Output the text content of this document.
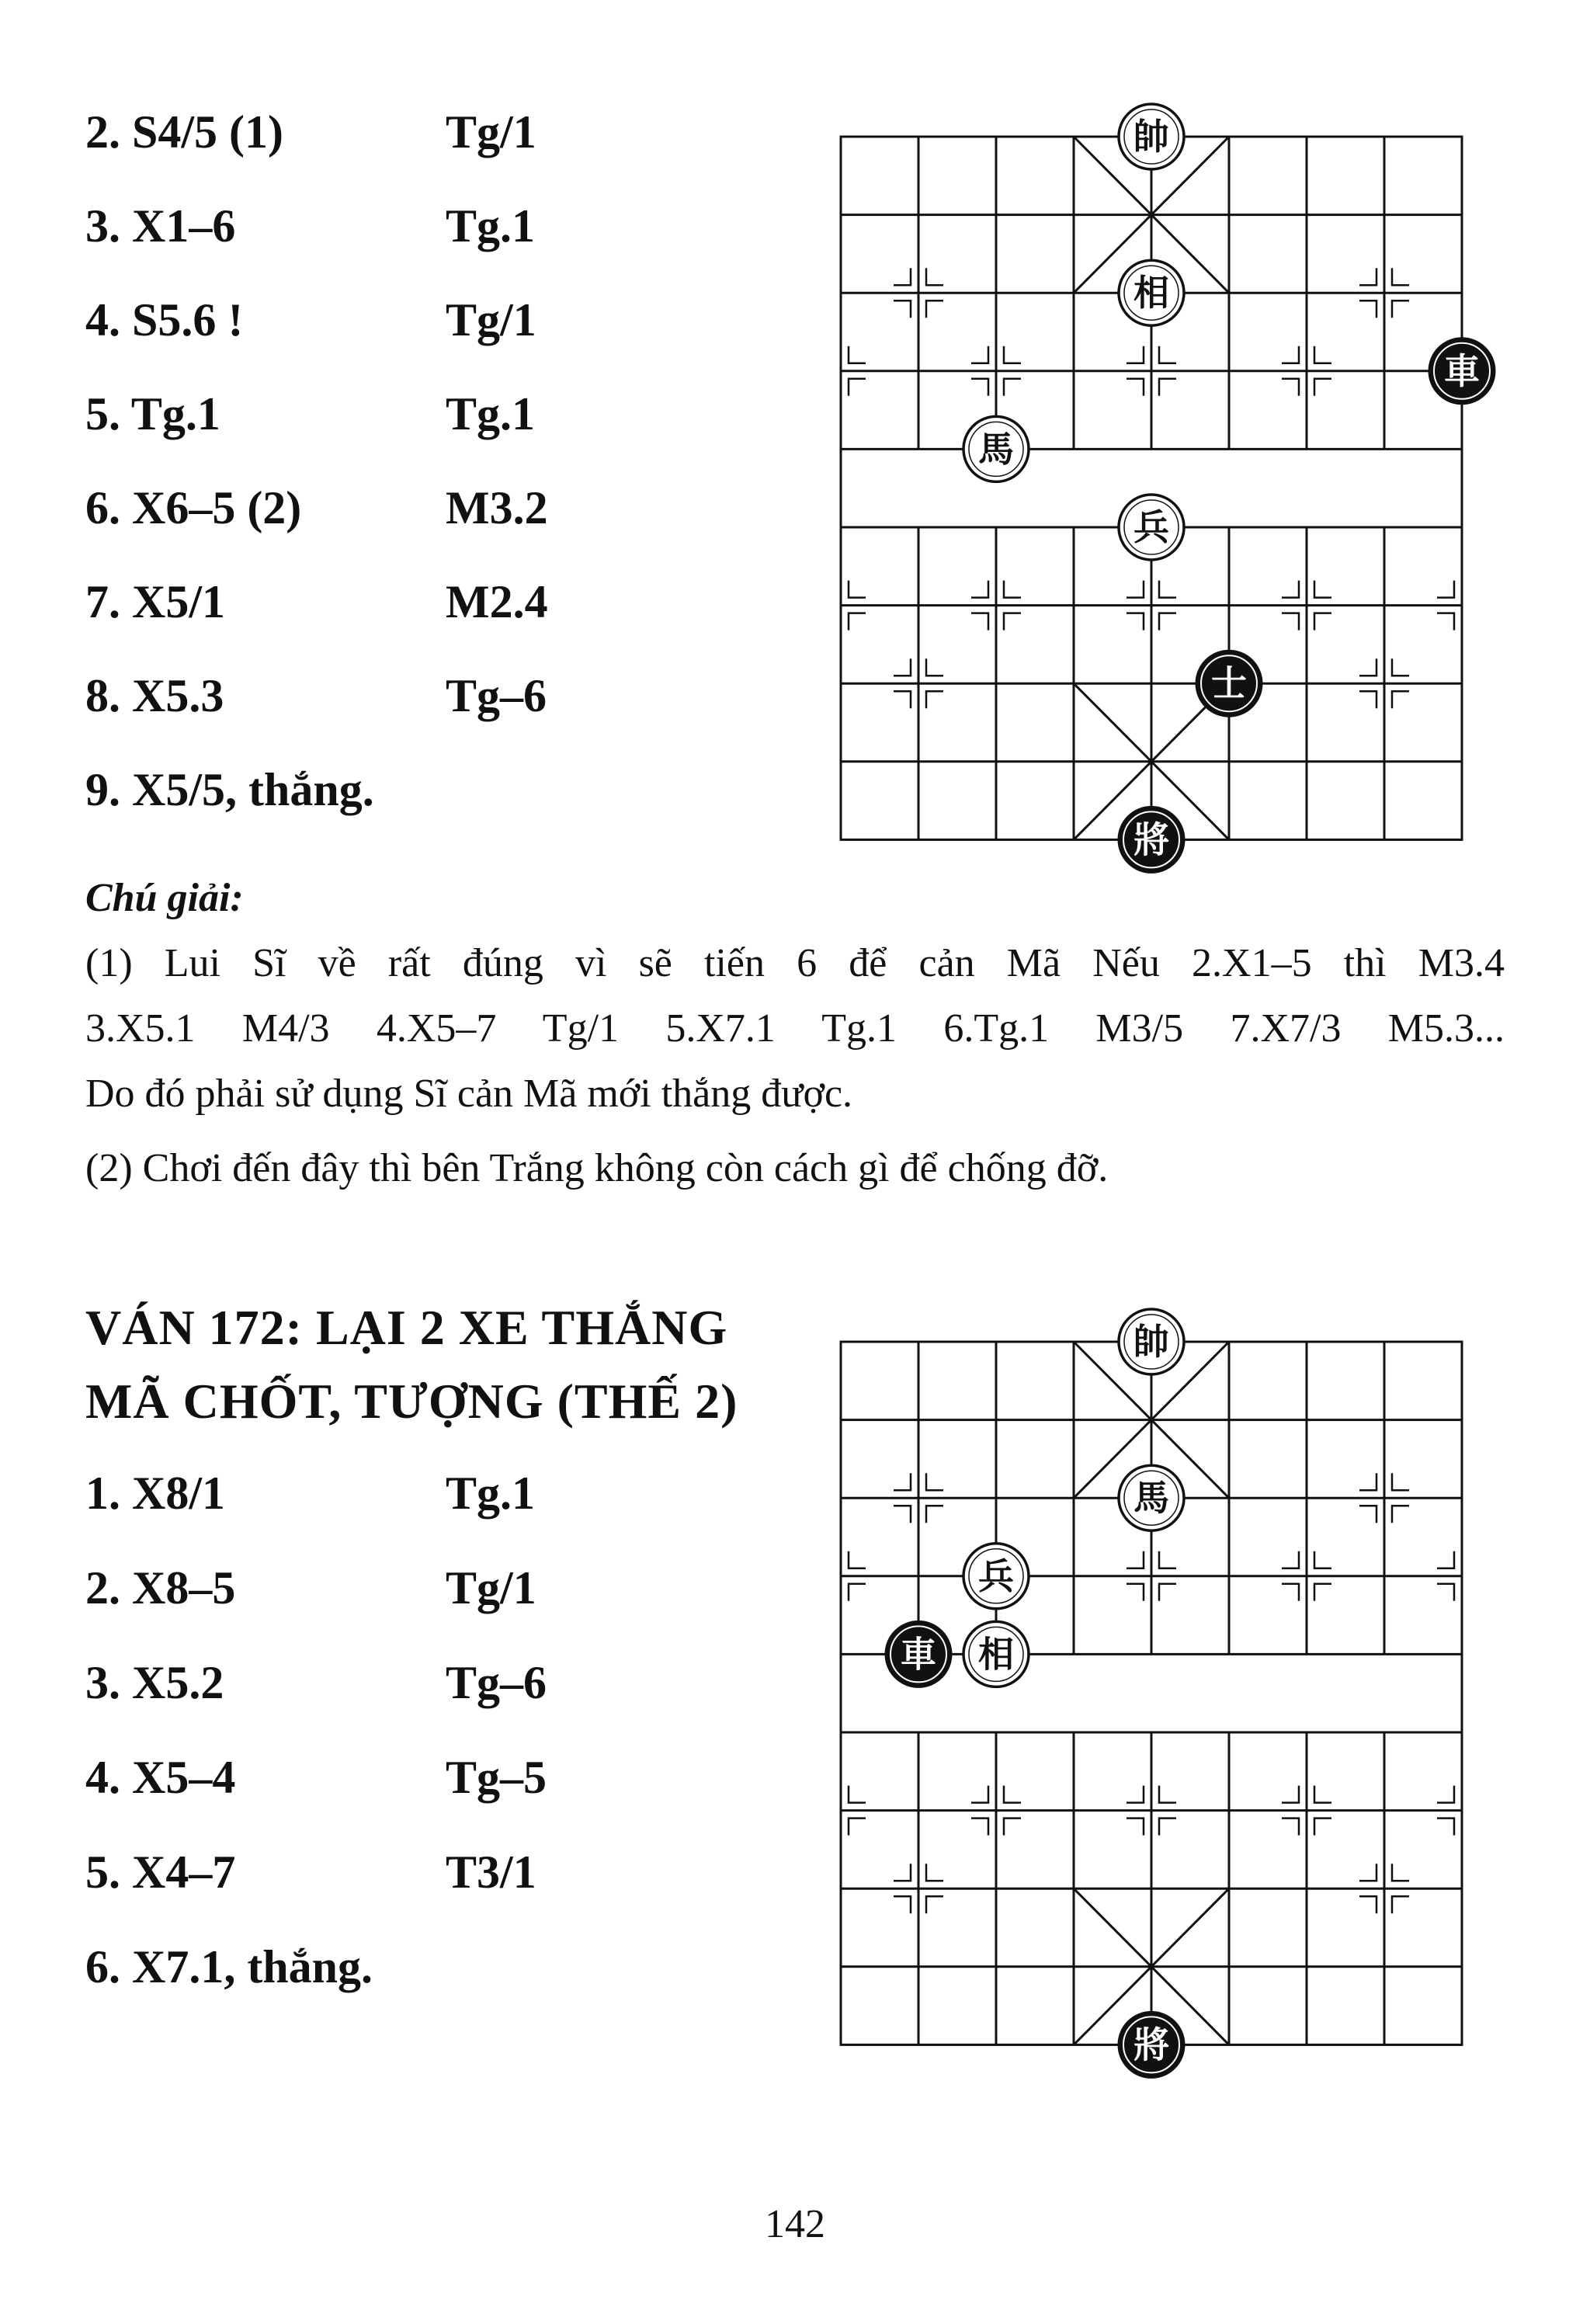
2. S4/5 (1)	Tg/1
3. X1–6	Tg.1
4. S5.6 !	Tg/1
5. Tg.1	Tg.1
6. X6–5 (2)	M3.2
7. X5/1	M2.4
8. X5.3	Tg–6
9. X5/5, thắng.
帥
相
車
馬
兵
士
將

Chú giải:

(1) Lui Sĩ về rất đúng vì sẽ tiến 6 để cản Mã Nếu 2.X1–5 thì M3.4

3.X5.1 M4/3 4.X5–7 Tg/1 5.X7.1 Tg.1 6.Tg.1 M3/5 7.X7/3 M5.3...

Do đó phải sử dụng Sĩ cản Mã mới thắng được.

(2) Chơi đến đây thì bên Trắng không còn cách gì để chống đỡ.

VÁN 172: LẠI 2 XE THẮNG
MÃ CHỐT, TƯỢNG (THẾ 2)
1. X8/1	Tg.1
2. X8–5	Tg/1
3. X5.2	Tg–6
4. X5–4	Tg–5
5. X4–7	T3/1
6. X7.1, thắng.
帥
馬
兵
車 相
將
142
